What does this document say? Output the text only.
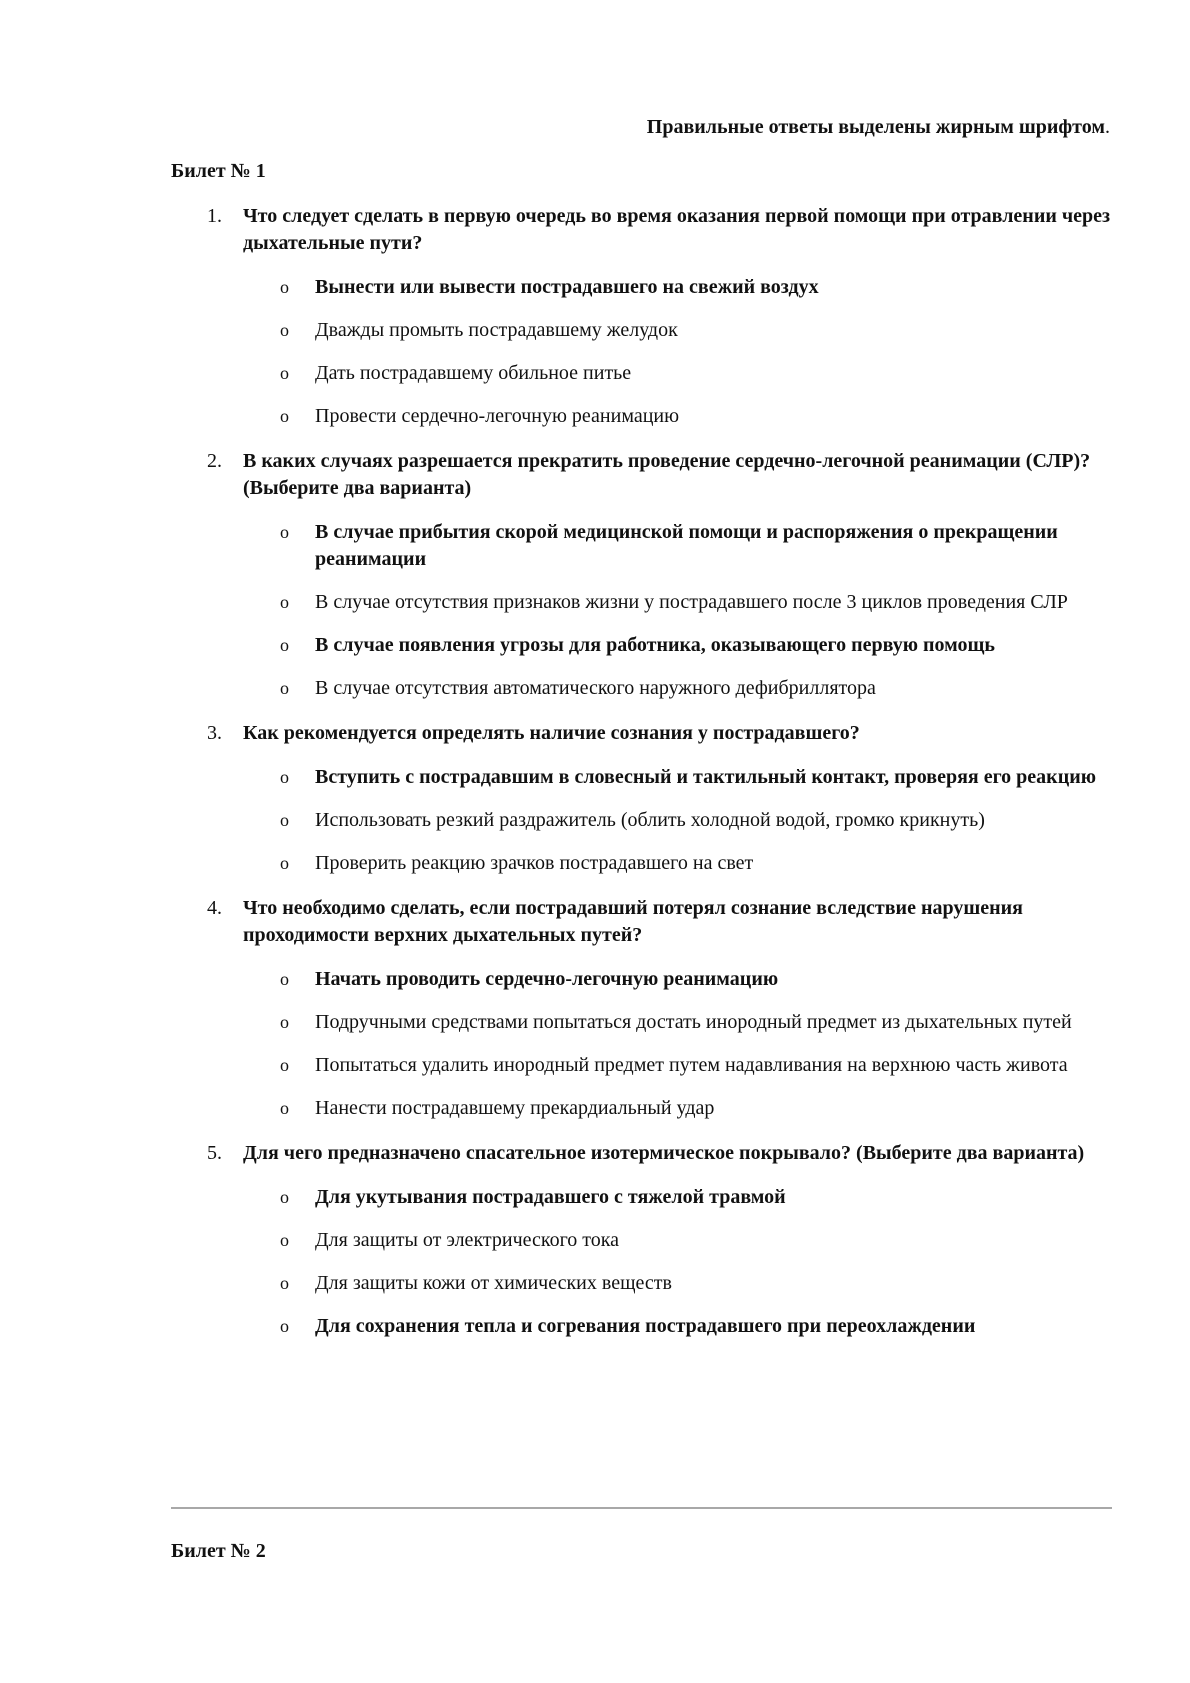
Правильные ответы выделены жирным шрифтом.
Билет № 1
1. Что следует сделать в первую очередь во время оказания первой помощи при отравлении через дыхательные пути?
o Вынести или вывести пострадавшего на свежий воздух
o Дважды промыть пострадавшему желудок
o Дать пострадавшему обильное питье
o Провести сердечно-легочную реанимацию
2. В каких случаях разрешается прекратить проведение сердечно-легочной реанимации (СЛР)? (Выберите два варианта)
o В случае прибытия скорой медицинской помощи и распоряжения о прекращении реанимации
o В случае отсутствия признаков жизни у пострадавшего после 3 циклов проведения СЛР
o В случае появления угрозы для работника, оказывающего первую помощь
o В случае отсутствия автоматического наружного дефибриллятора
3. Как рекомендуется определять наличие сознания у пострадавшего?
o Вступить с пострадавшим в словесный и тактильный контакт, проверяя его реакцию
o Использовать резкий раздражитель (облить холодной водой, громко крикнуть)
o Проверить реакцию зрачков пострадавшего на свет
4. Что необходимо сделать, если пострадавший потерял сознание вследствие нарушения проходимости верхних дыхательных путей?
o Начать проводить сердечно-легочную реанимацию
o Подручными средствами попытаться достать инородный предмет из дыхательных путей
o Попытаться удалить инородный предмет путем надавливания на верхнюю часть живота
o Нанести пострадавшему прекардиальный удар
5. Для чего предназначено спасательное изотермическое покрывало? (Выберите два варианта)
o Для укутывания пострадавшего с тяжелой травмой
o Для защиты от электрического тока
o Для защиты кожи от химических веществ
o Для сохранения тепла и согревания пострадавшего при переохлаждении
Билет № 2
